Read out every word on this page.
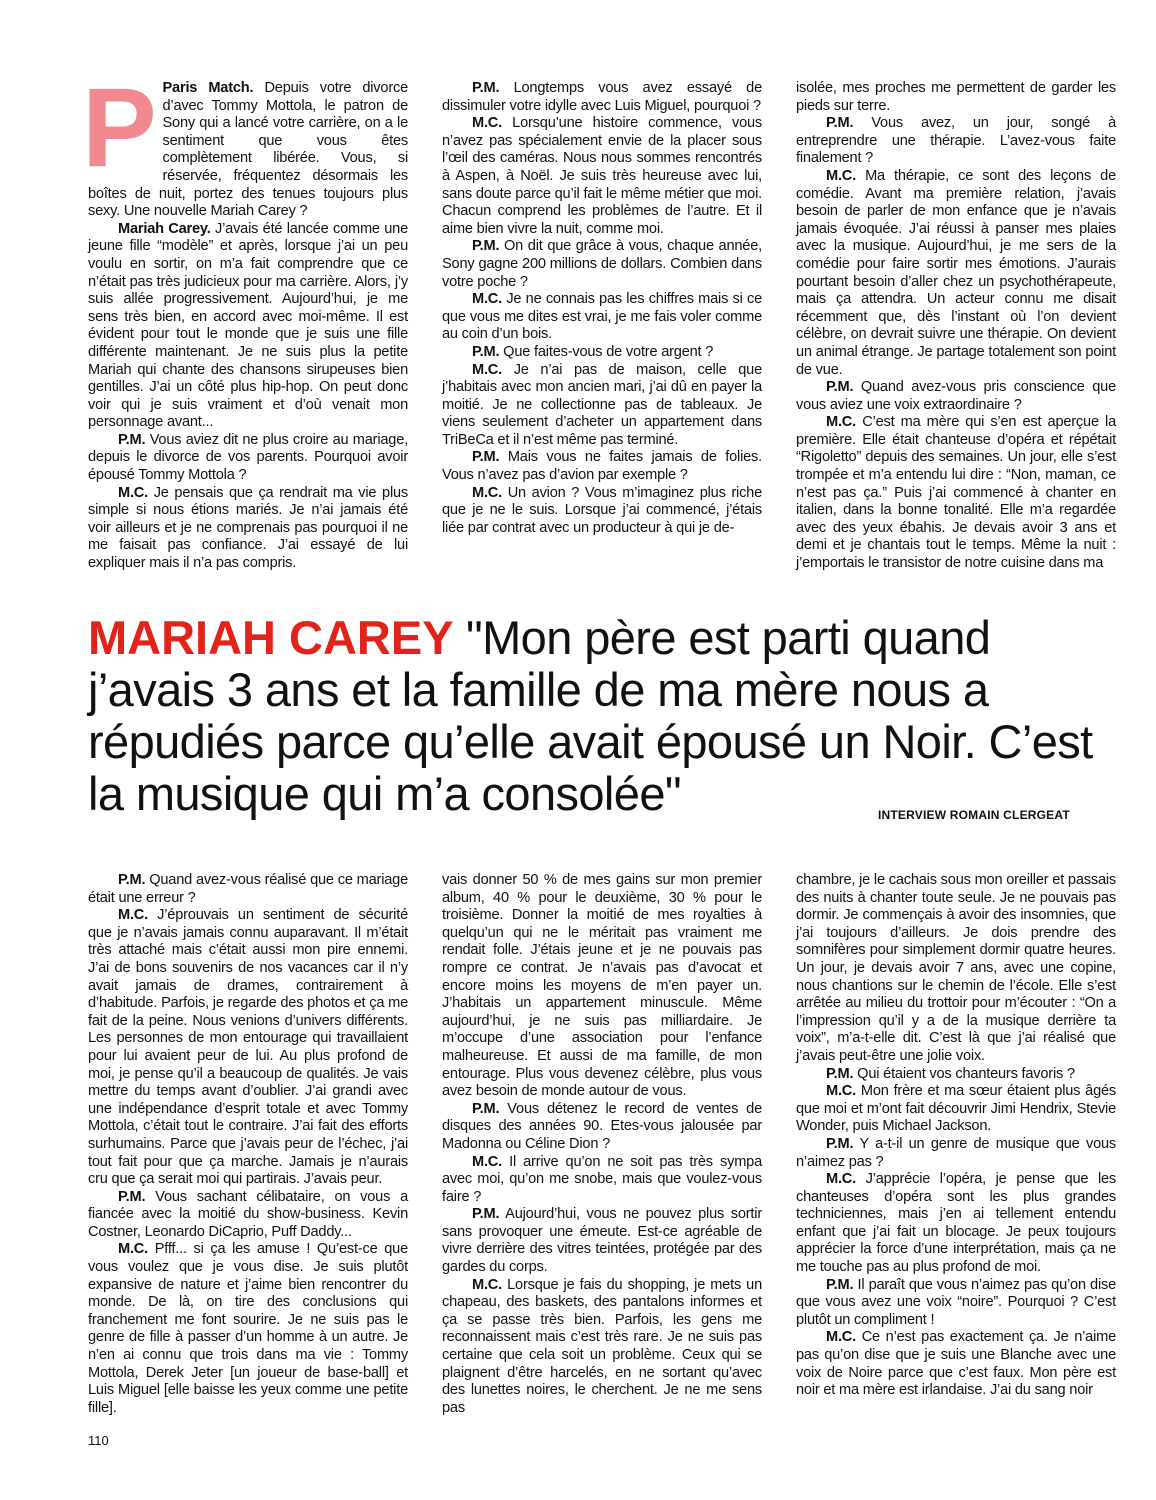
P Paris Match. Depuis votre divorce d’avec Tommy Mottola, le patron de Sony qui a lancé votre carrière, on a le sentiment que vous êtes complètement libérée. Vous, si réservée, fréquentez désormais les boîtes de nuit, portez des tenues toujours plus sexy. Une nouvelle Mariah Carey ?

Mariah Carey. J’avais été lancée comme une jeune fille “modèle” et après, lorsque j’ai un peu voulu en sortir, on m’a fait comprendre que ce n’était pas très judicieux pour ma carrière. Alors, j’y suis allée progressivement. Aujourd’hui, je me sens très bien, en accord avec moi-même. Il est évident pour tout le monde que je suis une fille différente maintenant. Je ne suis plus la petite Mariah qui chante des chansons sirupeuses bien gentilles. J’ai un côté plus hip-hop. On peut donc voir qui je suis vraiment et d’où venait mon personnage avant...

P.M. Vous aviez dit ne plus croire au mariage, depuis le divorce de vos parents. Pourquoi avoir épousé Tommy Mottola ?

M.C. Je pensais que ça rendrait ma vie plus simple si nous étions mariés. Je n’ai jamais été voir ailleurs et je ne comprenais pas pourquoi il ne me faisait pas confiance. J’ai essayé de lui expliquer mais il n’a pas compris.

P.M. Longtemps vous avez essayé de dissimuler votre idylle avec Luis Miguel, pourquoi ?

M.C. Lorsqu’une histoire commence, vous n’avez pas spécialement envie de la placer sous l’œil des caméras. Nous nous sommes rencontrés à Aspen, à Noël. Je suis très heureuse avec lui, sans doute parce qu’il fait le même métier que moi. Chacun comprend les problèmes de l’autre. Et il aime bien vivre la nuit, comme moi.

P.M. On dit que grâce à vous, chaque année, Sony gagne 200 millions de dollars. Combien dans votre poche ?

M.C. Je ne connais pas les chiffres mais si ce que vous me dites est vrai, je me fais voler comme au coin d’un bois.

P.M. Que faites-vous de votre argent ?

M.C. Je n’ai pas de maison, celle que j’habitais avec mon ancien mari, j’ai dû en payer la moitié. Je ne collectionne pas de tableaux. Je viens seulement d’acheter un appartement dans TriBeCa et il n’est même pas terminé.

P.M. Mais vous ne faites jamais de folies. Vous n’avez pas d’avion par exemple ?

M.C. Un avion ? Vous m’imaginez plus riche que je ne le suis. Lorsque j’ai commencé, j’étais liée par contrat avec un producteur à qui je de-

isolée, mes proches me permettent de garder les pieds sur terre.

P.M. Vous avez, un jour, songé à entreprendre une thérapie. L’avez-vous faite finalement ?

M.C. Ma thérapie, ce sont des leçons de comédie. Avant ma première relation, j’avais besoin de parler de mon enfance que je n’avais jamais évoquée. J’ai réussi à panser mes plaies avec la musique. Aujourd’hui, je me sers de la comédie pour faire sortir mes émotions. J’aurais pourtant besoin d’aller chez un psychothérapeute, mais ça attendra. Un acteur connu me disait récemment que, dès l’instant où l’on devient célèbre, on devrait suivre une thérapie. On devient un animal étrange. Je partage totalement son point de vue.

P.M. Quand avez-vous pris conscience que vous aviez une voix extraordinaire ?

M.C. C’est ma mère qui s’en est aperçue la première. Elle était chanteuse d’opéra et répétait “Rigoletto” depuis des semaines. Un jour, elle s’est trompée et m’a entendu lui dire : “Non, maman, ce n’est pas ça.” Puis j’ai commencé à chanter en italien, dans la bonne tonalité. Elle m’a regardée avec des yeux ébahis. Je devais avoir 3 ans et demi et je chantais tout le temps. Même la nuit : j’emportais le transistor de notre cuisine dans ma

MARIAH CAREY "Mon père est parti quand j’avais 3 ans et la famille de ma mère nous a répudiés parce qu’elle avait épousé un Noir. C’est la musique qui m’a consolée"	INTERVIEW ROMAIN CLERGEAT

P.M. Quand avez-vous réalisé que ce mariage était une erreur ?

M.C. J’éprouvais un sentiment de sécurité que je n’avais jamais connu auparavant. Il m’était très attaché mais c’était aussi mon pire ennemi. J’ai de bons souvenirs de nos vacances car il n’y avait jamais de drames, contrairement à d’habitude. Parfois, je regarde des photos et ça me fait de la peine. Nous venions d’univers différents. Les personnes de mon entourage qui travaillaient pour lui avaient peur de lui. Au plus profond de moi, je pense qu’il a beaucoup de qualités. Je vais mettre du temps avant d’oublier. J’ai grandi avec une indépendance d’esprit totale et avec Tommy Mottola, c’était tout le contraire. J’ai fait des efforts surhumains. Parce que j’avais peur de l’échec, j’ai tout fait pour que ça marche. Jamais je n’aurais cru que ça serait moi qui partirais. J’avais peur.

P.M. Vous sachant célibataire, on vous a fiancée avec la moitié du show-business. Kevin Costner, Leonardo DiCaprio, Puff Daddy...

M.C. Pfff... si ça les amuse ! Qu’est-ce que vous voulez que je vous dise. Je suis plutôt expansive de nature et j’aime bien rencontrer du monde. De là, on tire des conclusions qui franchement me font sourire. Je ne suis pas le genre de fille à passer d’un homme à un autre. Je n’en ai connu que trois dans ma vie : Tommy Mottola, Derek Jeter [un joueur de base-ball] et Luis Miguel [elle baisse les yeux comme une petite fille].

vais donner 50 % de mes gains sur mon premier album, 40 % pour le deuxième, 30 % pour le troisième. Donner la moitié de mes royalties à quelqu’un qui ne le méritait pas vraiment me rendait folle. J’étais jeune et je ne pouvais pas rompre ce contrat. Je n’avais pas d’avocat et encore moins les moyens de m’en payer un. J’habitais un appartement minuscule. Même aujourd’hui, je ne suis pas milliardaire. Je m’occupe d’une association pour l’enfance malheureuse. Et aussi de ma famille, de mon entourage. Plus vous devenez célèbre, plus vous avez besoin de monde autour de vous.

P.M. Vous détenez le record de ventes de disques des années 90. Etes-vous jalousée par Madonna ou Céline Dion ?

M.C. Il arrive qu’on ne soit pas très sympa avec moi, qu’on me snobe, mais que voulez-vous faire ?

P.M. Aujourd’hui, vous ne pouvez plus sortir sans provoquer une émeute. Est-ce agréable de vivre derrière des vitres teintées, protégée par des gardes du corps.

M.C. Lorsque je fais du shopping, je mets un chapeau, des baskets, des pantalons informes et ça se passe très bien. Parfois, les gens me reconnaissent mais c’est très rare. Je ne suis pas certaine que cela soit un problème. Ceux qui se plaignent d’être harcelés, en ne sortant qu’avec des lunettes noires, le cherchent. Je ne me sens pas

chambre, je le cachais sous mon oreiller et passais des nuits à chanter toute seule. Je ne pouvais pas dormir. Je commençais à avoir des insomnies, que j’ai toujours d’ailleurs. Je dois prendre des somnifères pour simplement dormir quatre heures. Un jour, je devais avoir 7 ans, avec une copine, nous chantions sur le chemin de l’école. Elle s’est arrêtée au milieu du trottoir pour m’écouter : “On a l’impression qu’il y a de la musique derrière ta voix”, m’a-t-elle dit. C’est là que j’ai réalisé que j’avais peut-être une jolie voix.

P.M. Qui étaient vos chanteurs favoris ?

M.C. Mon frère et ma sœur étaient plus âgés que moi et m’ont fait découvrir Jimi Hendrix, Stevie Wonder, puis Michael Jackson.

P.M. Y a-t-il un genre de musique que vous n’aimez pas ?

M.C. J’apprécie l’opéra, je pense que les chanteuses d’opéra sont les plus grandes techniciennes, mais j’en ai tellement entendu enfant que j’ai fait un blocage. Je peux toujours apprécier la force d’une interprétation, mais ça ne me touche pas au plus profond de moi.

P.M. Il paraît que vous n’aimez pas qu’on dise que vous avez une voix “noire”. Pourquoi ? C’est plutôt un compliment !

M.C. Ce n’est pas exactement ça. Je n’aime pas qu’on dise que je suis une Blanche avec une voix de Noire parce que c’est faux. Mon père est noir et ma mère est irlandaise. J’ai du sang noir

110
